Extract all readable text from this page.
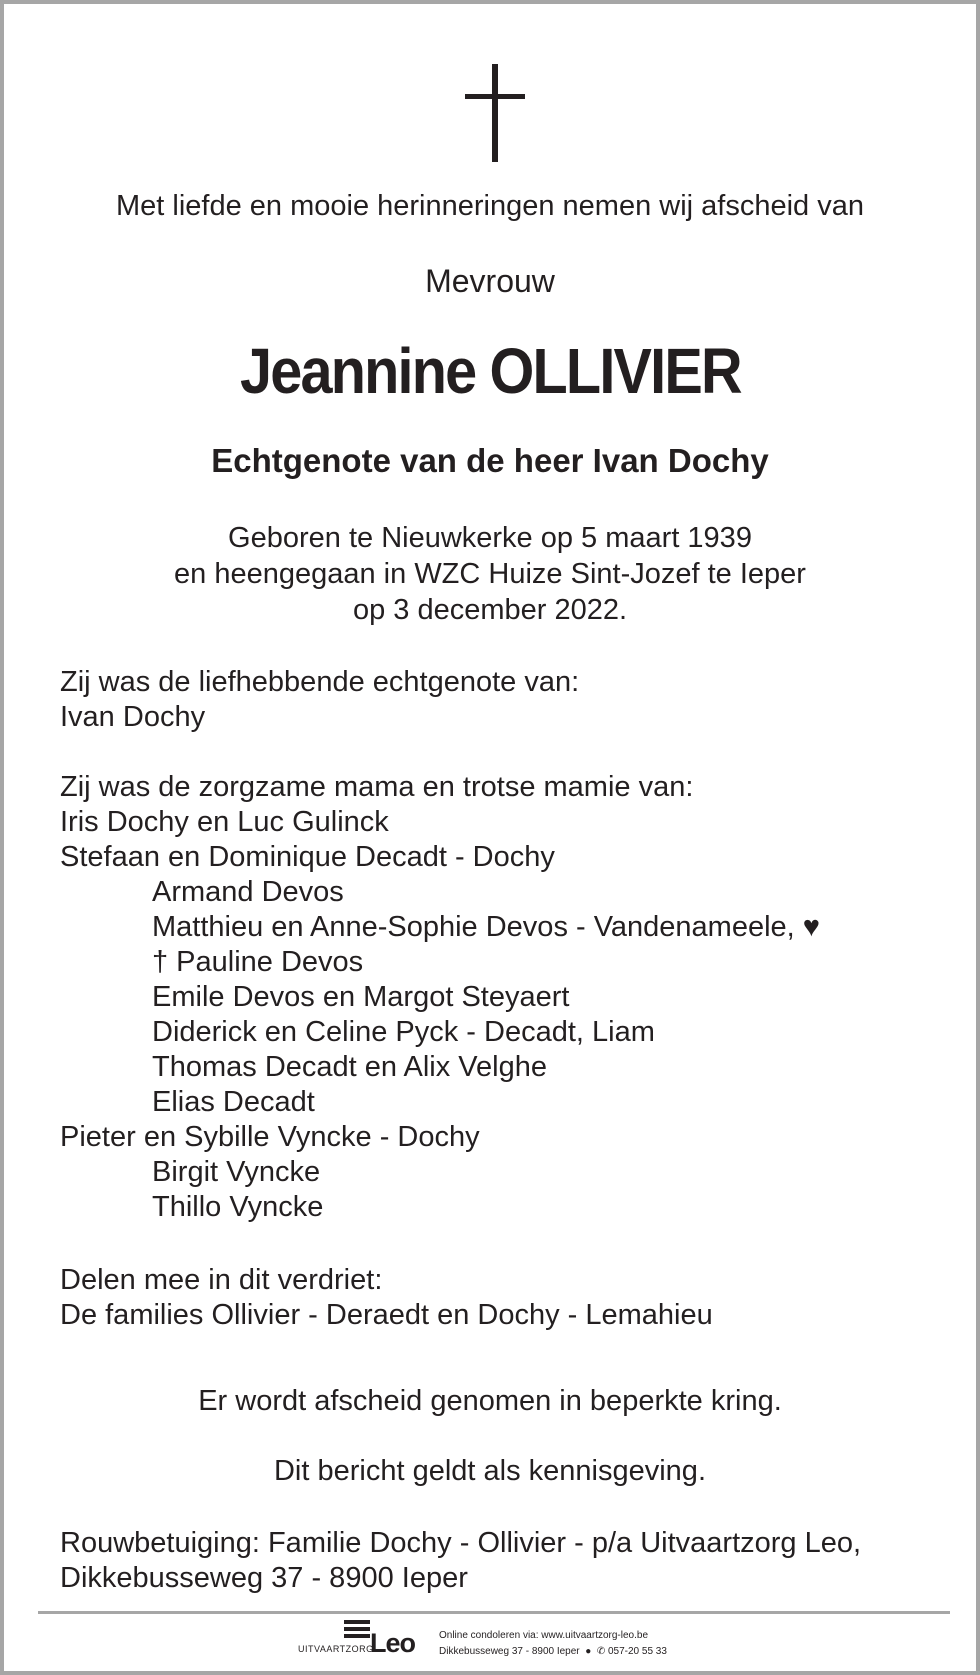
Met liefde en mooie herinneringen nemen wij afscheid van
Mevrouw
Jeannine OLLIVIER
Echtgenote van de heer Ivan Dochy
Geboren te Nieuwkerke op 5 maart 1939
en heengegaan in WZC Huize Sint-Jozef te Ieper
op 3 december 2022.
Zij was de liefhebbende echtgenote van:
Ivan Dochy
Zij was de zorgzame mama en trotse mamie van:
Iris Dochy en Luc Gulinck
Stefaan en Dominique Decadt - Dochy
Armand Devos
Matthieu en Anne-Sophie Devos - Vandenameele, ♥
† Pauline Devos
Emile Devos en Margot Steyaert
Diderick en Celine Pyck - Decadt, Liam
Thomas Decadt en Alix Velghe
Elias Decadt
Pieter en Sybille Vyncke - Dochy
Birgit Vyncke
Thillo Vyncke
Delen mee in dit verdriet:
De families Ollivier - Deraedt en Dochy - Lemahieu
Er wordt afscheid genomen in beperkte kring.
Dit bericht geldt als kennisgeving.
Rouwbetuiging: Familie Dochy - Ollivier - p/a Uitvaartzorg Leo,
Dikkebusseweg 37 - 8900 Ieper
UITVAARTZORG
Leo Online condoleren via: www.uitvaartzorg-leo.be
Dikkebusseweg 37 - 8900 Ieper  ●  ✆ 057-20 55 33
